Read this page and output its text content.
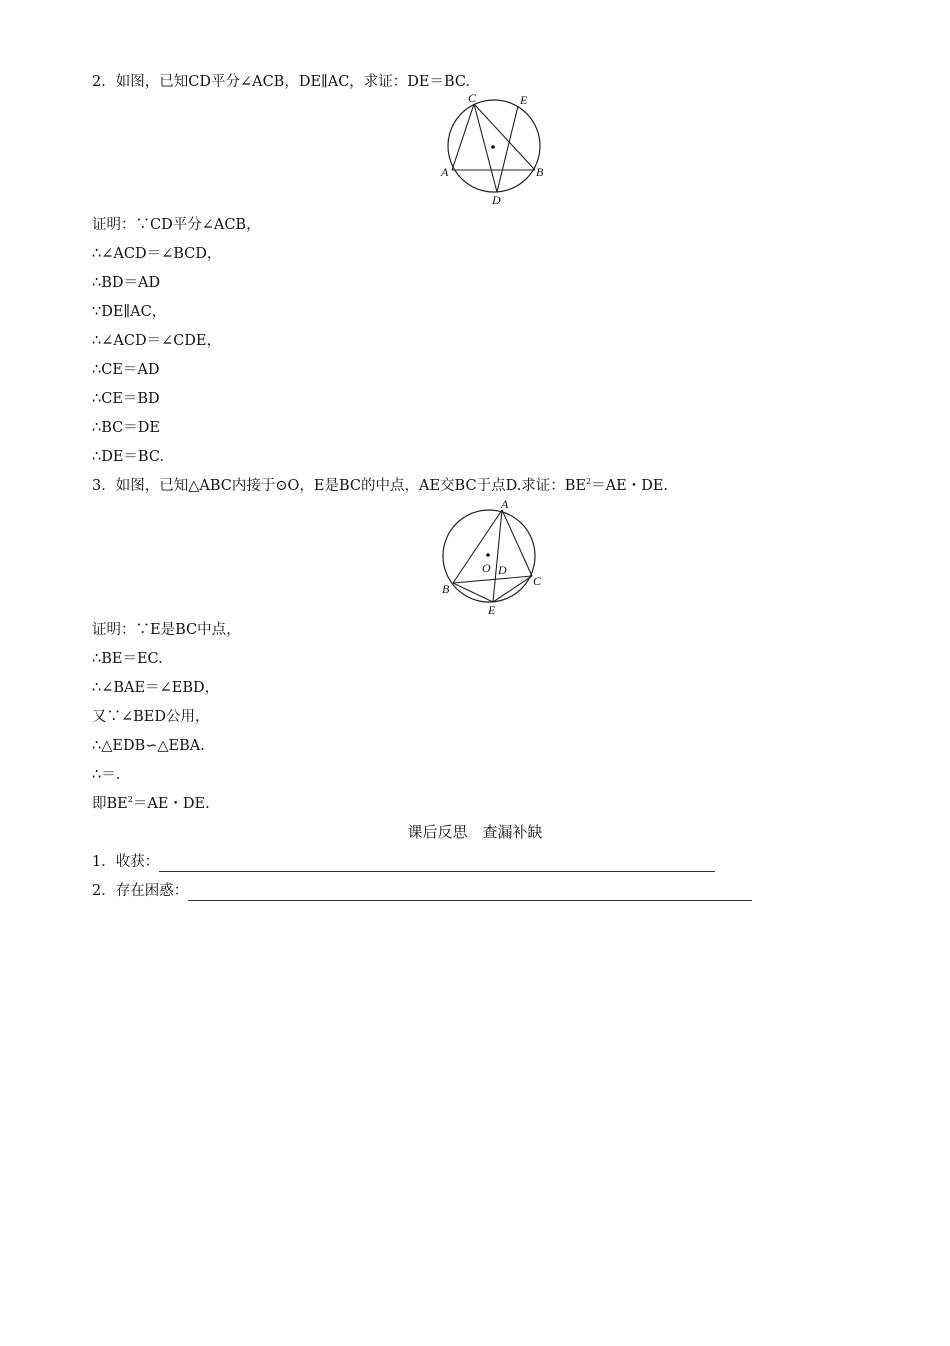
2．如图，已知CD平分∠ACB，DE∥AC，求证：DE＝BC.
C	E
A	B
D
证明：∵CD平分∠ACB，
∴∠ACD＝∠BCD，
∴BD＝AD
∵DE∥AC，
∴∠ACD＝∠CDE，
∴CE＝AD
∴CE＝BD
∴BC＝DE
∴DE＝BC.
3．如图，已知△ABC内接于⊙O，E是BC的中点，AE交BC于点D.求证：$BE^2=AE$・DE.
A
O D
B
C
E
证明：∵E是BC中点，
∴BE＝EC.
∴∠BAE＝∠EBD，
又∵∠BED公用，
∴△EDB∽△EBA.
∴＝.
即$BE^2=AE$・DE.
课后反思　查漏补缺
1．收获：
2．存在困惑：
